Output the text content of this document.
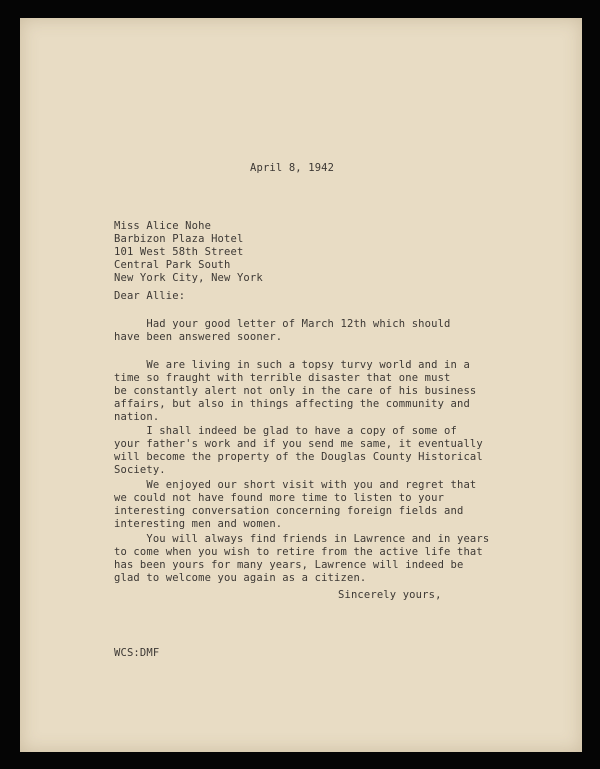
April 8, 1942
Miss Alice Nohe
Barbizon Plaza Hotel
101 West 58th Street
Central Park South
New York City, New York
Dear Allie:
Had your good letter of March 12th which should
have been answered sooner.
We are living in such a topsy turvy world and in a
time so fraught with terrible disaster that one must
be constantly alert not only in the care of his business
affairs, but also in things affecting the community and
nation.
I shall indeed be glad to have a copy of some of
your father's work and if you send me same, it eventually
will become the property of the Douglas County Historical
Society.
We enjoyed our short visit with you and regret that
we could not have found more time to listen to your
interesting conversation concerning foreign fields and
interesting men and women.
You will always find friends in Lawrence and in years
to come when you wish to retire from the active life that
has been yours for many years, Lawrence will indeed be
glad to welcome you again as a citizen.
Sincerely yours,
WCS:DMF
